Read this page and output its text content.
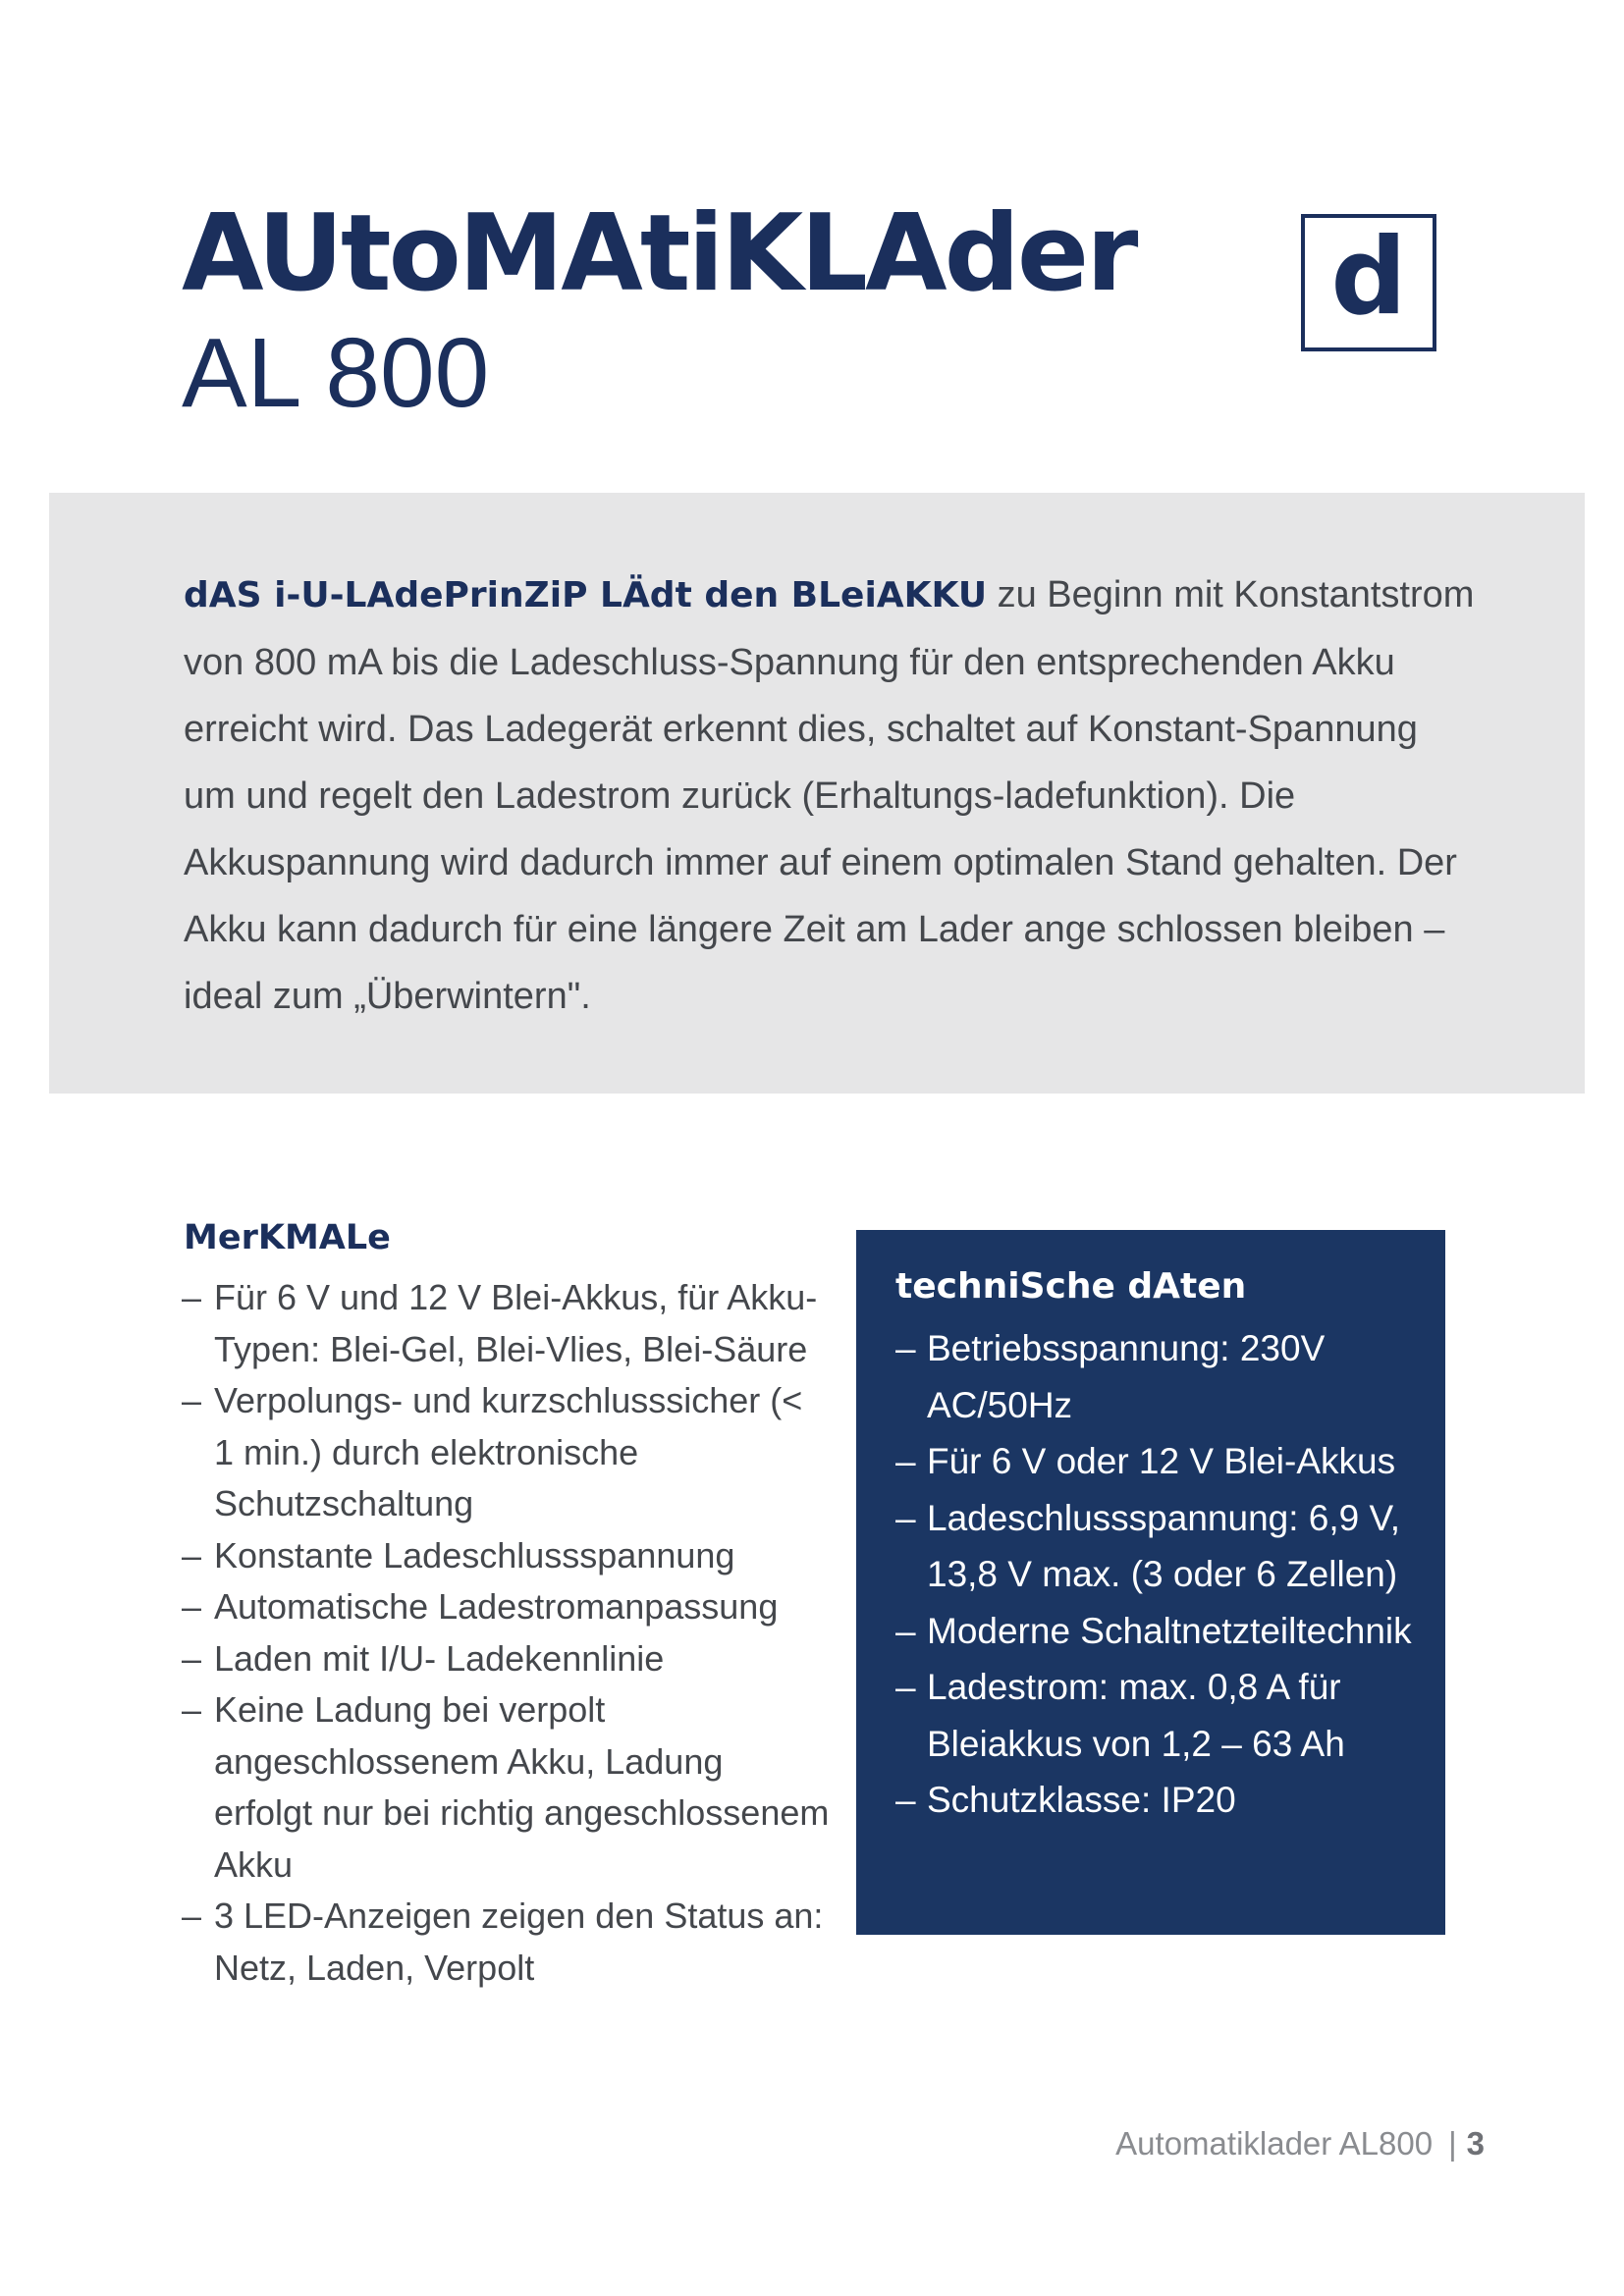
AUtoMAtiKLAder
AL 800
d

dAS i-U-LAdePrinZiP LÄdt den BLeiAKKU zu Beginn mit Konstantstrom von 800 mA bis die Ladeschluss-Spannung für den entsprechenden Akku erreicht wird. Das Ladegerät erkennt dies, schaltet auf Konstant-Spannung um und regelt den Ladestrom zurück (Erhaltungs-ladefunktion). Die Akkuspannung wird dadurch immer auf einem optimalen Stand gehalten. Der Akku kann dadurch für eine längere Zeit am Lader ange schlossen bleiben – ideal zum „Überwintern".

MerKMALe
– Für 6 V und 12 V Blei-Akkus, für Akku-Typen: Blei-Gel, Blei-Vlies, Blei-Säure
– Verpolungs- und kurzschlusssicher (< 1 min.) durch elektronische Schutzschaltung
– Konstante Ladeschlussspannung
– Automatische Ladestromanpassung
– Laden mit I/U- Ladekennlinie
– Keine Ladung bei verpolt angeschlossenem Akku, Ladung erfolgt nur bei richtig angeschlossenem Akku
– 3 LED-Anzeigen zeigen den Status an: Netz, Laden, Verpolt
techniSche dAten
– Betriebsspannung: 230V AC/50Hz
– Für 6 V oder 12 V Blei-Akkus
– Ladeschlussspannung: 6,9 V, 13,8 V max. (3 oder 6 Zellen)
– Moderne Schaltnetzteiltechnik
– Ladestrom: max. 0,8 A für Bleiakkus von 1,2 – 63 Ah
– Schutzklasse: IP20
Automatiklader AL800 | 3
